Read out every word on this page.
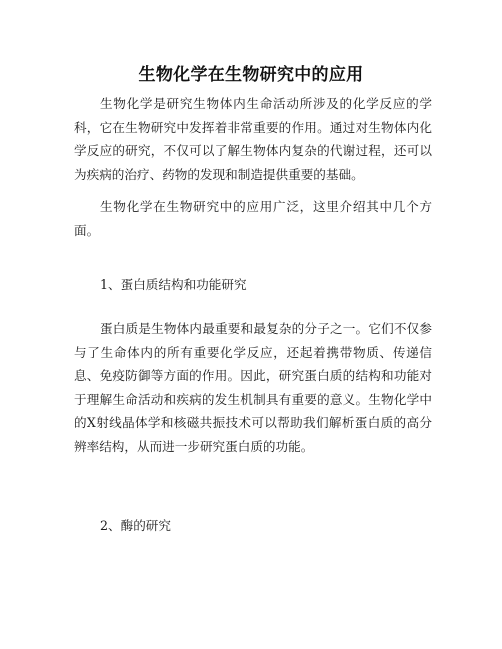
生物化学在生物研究中的应用

生物化学是研究生物体内生命活动所涉及的化学反应的学科，它在生物研究中发挥着非常重要的作用。通过对生物体内化学反应的研究，不仅可以了解生物体内复杂的代谢过程，还可以为疾病的治疗、药物的发现和制造提供重要的基础。

生物化学在生物研究中的应用广泛，这里介绍其中几个方面。

1、蛋白质结构和功能研究

蛋白质是生物体内最重要和最复杂的分子之一。它们不仅参与了生命体内的所有重要化学反应，还起着携带物质、传递信息、免疫防御等方面的作用。因此，研究蛋白质的结构和功能对于理解生命活动和疾病的发生机制具有重要的意义。生物化学中的X射线晶体学和核磁共振技术可以帮助我们解析蛋白质的高分辨率结构，从而进一步研究蛋白质的功能。

2、酶的研究
